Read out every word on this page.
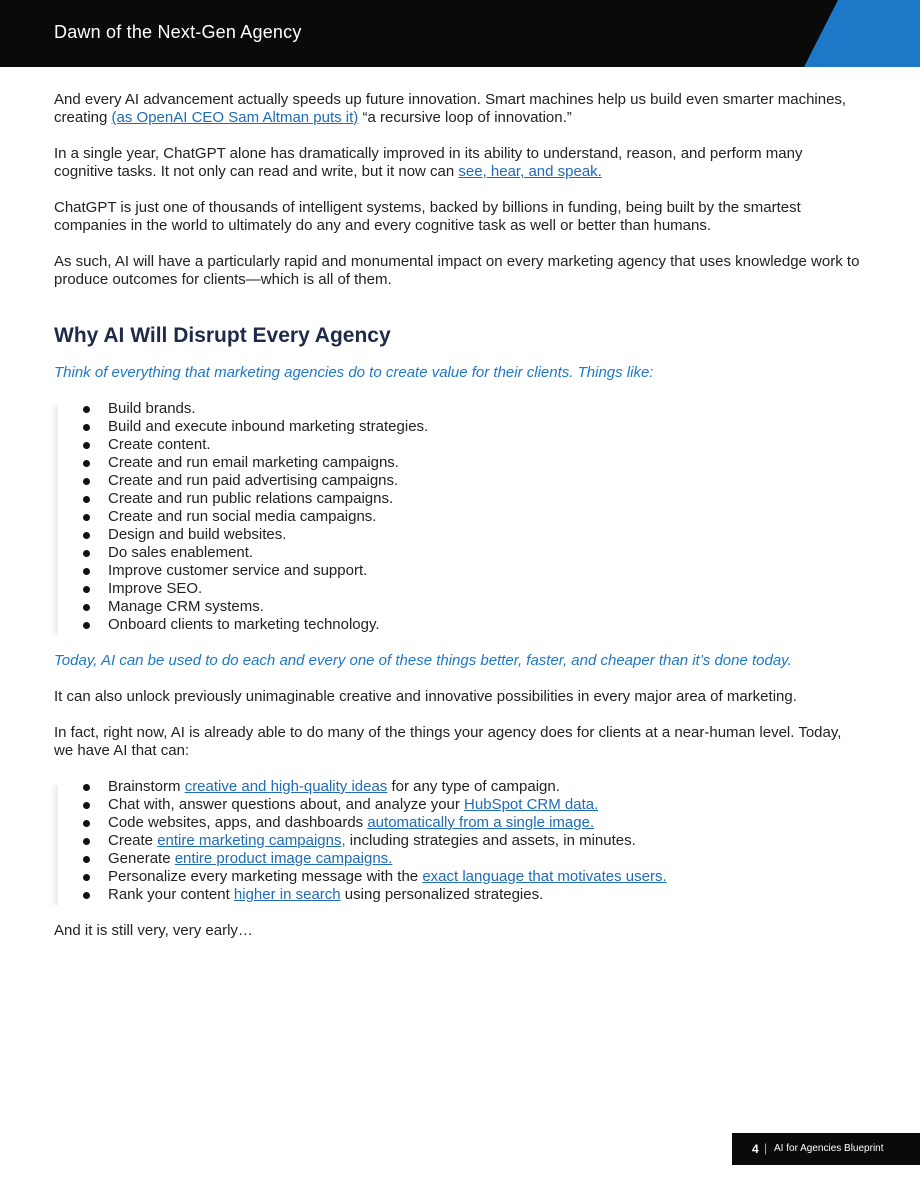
Dawn of the Next-Gen Agency

And every AI advancement actually speeds up future innovation. Smart machines help us build even smarter machines, creating (as OpenAI CEO Sam Altman puts it) “a recursive loop of innovation.”

In a single year, ChatGPT alone has dramatically improved in its ability to understand, reason, and perform many cognitive tasks. It not only can read and write, but it now can see, hear, and speak.

ChatGPT is just one of thousands of intelligent systems, backed by billions in funding, being built by the smartest companies in the world to ultimately do any and every cognitive task as well or better than humans.

As such, AI will have a particularly rapid and monumental impact on every marketing agency that uses knowledge work to produce outcomes for clients—which is all of them.

Why AI Will Disrupt Every Agency

Think of everything that marketing agencies do to create value for their clients. Things like:

Build brands.
Build and execute inbound marketing strategies.
Create content.
Create and run email marketing campaigns.
Create and run paid advertising campaigns.
Create and run public relations campaigns.
Create and run social media campaigns.
Design and build websites.
Do sales enablement.
Improve customer service and support.
Improve SEO.
Manage CRM systems.
Onboard clients to marketing technology.

Today, AI can be used to do each and every one of these things better, faster, and cheaper than it’s done today.

It can also unlock previously unimaginable creative and innovative possibilities in every major area of marketing.

In fact, right now, AI is already able to do many of the things your agency does for clients at a near-human level. Today, we have AI that can:

Brainstorm creative and high-quality ideas for any type of campaign.
Chat with, answer questions about, and analyze your HubSpot CRM data.
Code websites, apps, and dashboards automatically from a single image.
Create entire marketing campaigns, including strategies and assets, in minutes.
Generate entire product image campaigns.
Personalize every marketing message with the exact language that motivates users.
Rank your content higher in search using personalized strategies.

And it is still very, very early…

4 | AI for Agencies Blueprint
